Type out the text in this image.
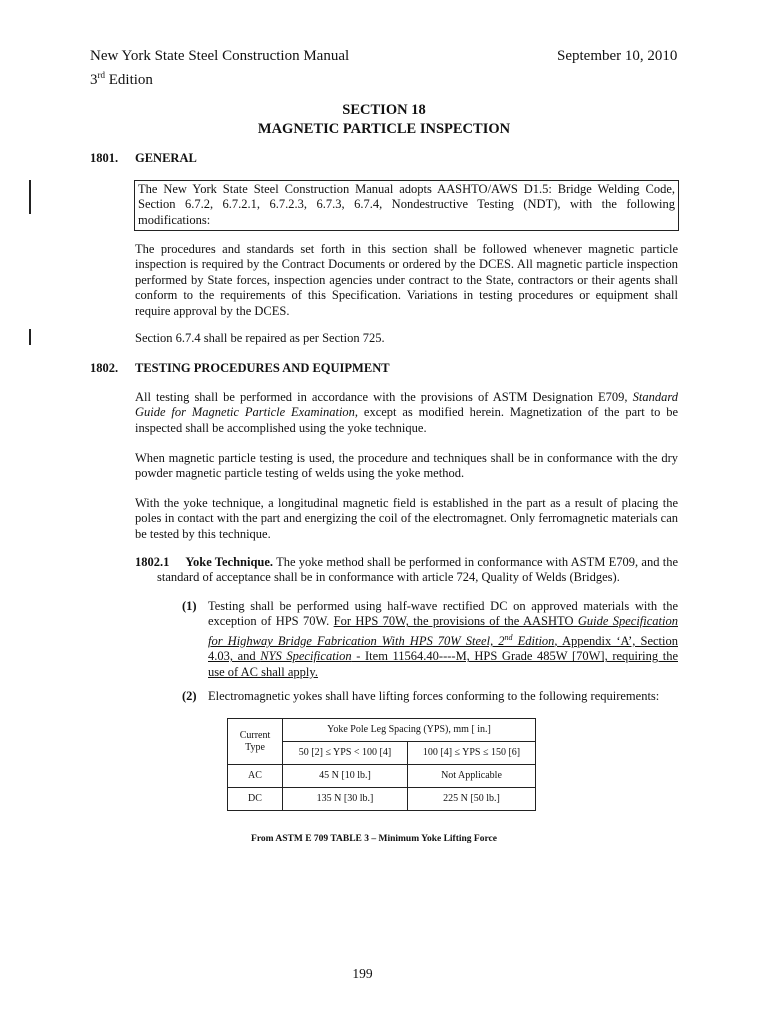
New York State Steel Construction Manual
3rd Edition
September 10, 2010
SECTION 18
MAGNETIC PARTICLE INSPECTION
1801. GENERAL
The New York State Steel Construction Manual adopts AASHTO/AWS D1.5: Bridge Welding Code, Section 6.7.2, 6.7.2.1, 6.7.2.3, 6.7.3, 6.7.4, Nondestructive Testing (NDT), with the following modifications:
The procedures and standards set forth in this section shall be followed whenever magnetic particle inspection is required by the Contract Documents or ordered by the DCES. All magnetic particle inspection performed by State forces, inspection agencies under contract to the State, contractors or their agents shall conform to the requirements of this Specification. Variations in testing procedures or equipment shall require approval by the DCES.
Section 6.7.4 shall be repaired as per Section 725.
1802. TESTING PROCEDURES AND EQUIPMENT
All testing shall be performed in accordance with the provisions of ASTM Designation E709, Standard Guide for Magnetic Particle Examination, except as modified herein. Magnetization of the part to be inspected shall be accomplished using the yoke technique.
When magnetic particle testing is used, the procedure and techniques shall be in conformance with the dry powder magnetic particle testing of welds using the yoke method.
With the yoke technique, a longitudinal magnetic field is established in the part as a result of placing the poles in contact with the part and energizing the coil of the electromagnet. Only ferromagnetic materials can be tested by this technique.
1802.1 Yoke Technique. The yoke method shall be performed in conformance with ASTM E709, and the standard of acceptance shall be in conformance with article 724, Quality of Welds (Bridges).
(1) Testing shall be performed using half-wave rectified DC on approved materials with the exception of HPS 70W. For HPS 70W, the provisions of the AASHTO Guide Specification for Highway Bridge Fabrication With HPS 70W Steel, 2nd Edition, Appendix ‘A’, Section 4.03, and NYS Specification - Item 11564.40----M, HPS Grade 485W [70W], requiring the use of AC shall apply.
(2) Electromagnetic yokes shall have lifting forces conforming to the following requirements:
Current Type	Yoke Pole Leg Spacing (YPS), mm [ in.]	
	50 [2] ≤ YPS < 100 [4]	100 [4] ≤ YPS ≤ 150 [6]
AC	45 N [10 lb.]	Not Applicable
DC	135 N [30 lb.]	225 N [50 lb.]
From ASTM E 709 TABLE 3 – Minimum Yoke Lifting Force
199
